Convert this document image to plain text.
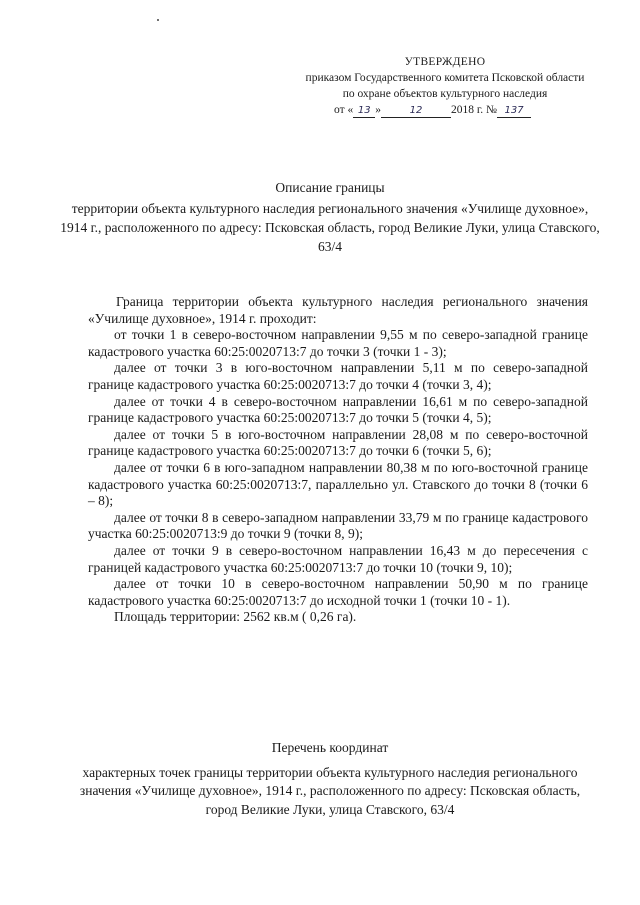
УТВЕРЖДЕНО
приказом Государственного комитета Псковской области
по охране объектов культурного наследия
от « 13 »	12 2018 г. № 137
Описание границы
территории объекта культурного наследия регионального значения «Училище духовное», 1914 г., расположенного по адресу: Псковская область, город Великие Луки, улица Ставского, 63/4

Граница территории объекта культурного наследия регионального значения «Училище духовное», 1914 г. проходит:

от точки 1 в северо-восточном направлении 9,55 м по северо-западной границе кадастрового участка 60:25:0020713:7 до точки 3 (точки 1 - 3);

далее от точки 3 в юго-восточном направлении 5,11 м по северо-западной границе кадастрового участка 60:25:0020713:7 до точки 4 (точки 3, 4);

далее от точки 4 в северо-восточном направлении 16,61 м по северо-западной границе кадастрового участка 60:25:0020713:7 до точки 5 (точки 4, 5);

далее от точки 5 в юго-восточном направлении 28,08 м по северо-восточной границе кадастрового участка 60:25:0020713:7 до точки 6 (точки 5, 6);

далее от точки 6 в юго-западном направлении 80,38 м по юго-восточной границе кадастрового участка 60:25:0020713:7, параллельно ул. Ставского до точки 8 (точки 6 – 8);

далее от точки 8 в северо-западном направлении 33,79 м по границе кадастрового участка 60:25:0020713:9 до точки 9 (точки 8, 9);

далее от точки 9 в северо-восточном направлении 16,43 м до пересечения с границей кадастрового участка 60:25:0020713:7 до точки 10 (точки 9, 10);

далее от точки 10 в северо-восточном направлении 50,90 м по границе кадастрового участка 60:25:0020713:7 до исходной точки 1 (точки 10 - 1).

Площадь территории: 2562 кв.м ( 0,26 га).

Перечень координат
характерных точек границы территории объекта культурного наследия регионального значения «Училище духовное», 1914 г., расположенного по адресу: Псковская область, город Великие Луки, улица Ставского, 63/4
